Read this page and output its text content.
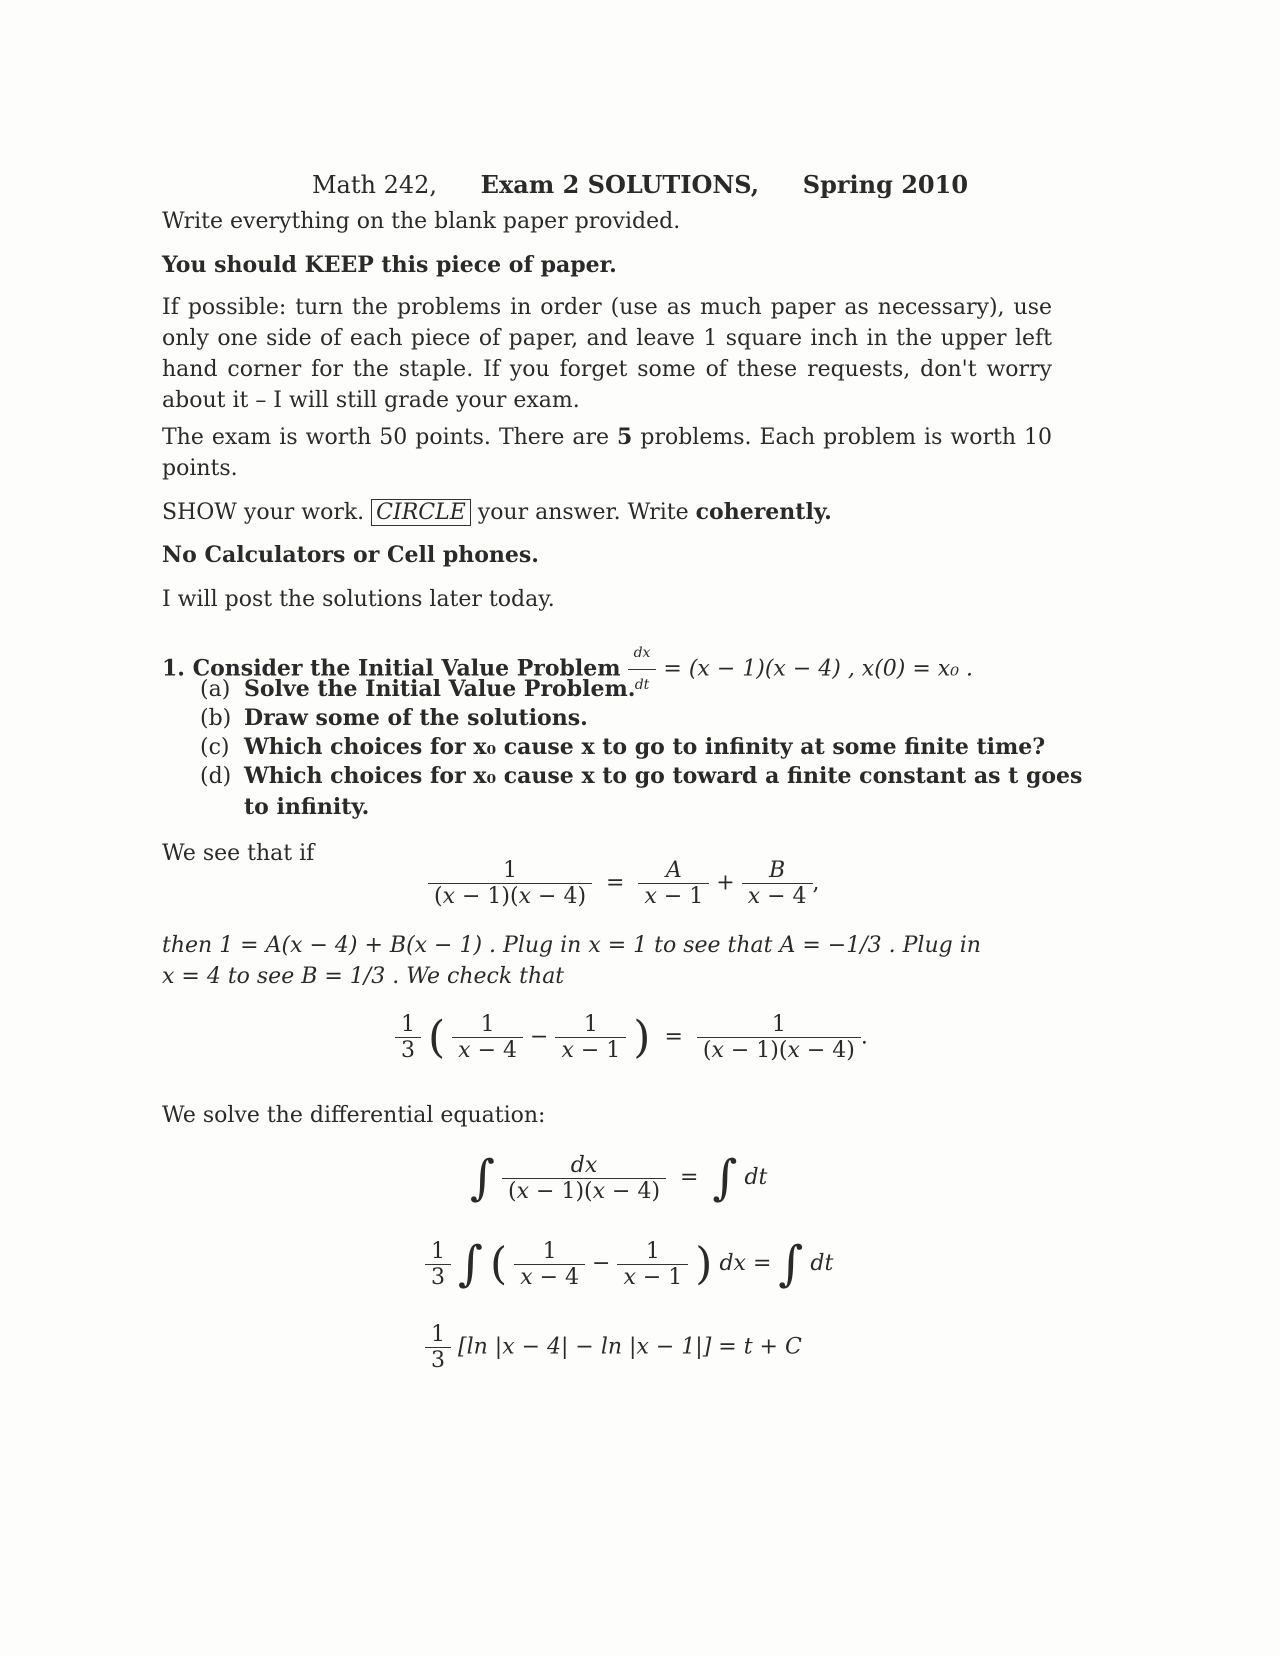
Math 242, Exam 2 SOLUTIONS, Spring 2010
Write everything on the blank paper provided.
You should KEEP this piece of paper.
If possible: turn the problems in order (use as much paper as necessary), use only one side of each piece of paper, and leave 1 square inch in the upper left hand corner for the staple. If you forget some of these requests, don't worry about it – I will still grade your exam.
The exam is worth 50 points. There are 5 problems. Each problem is worth 10 points.
SHOW your work. CIRCLE your answer. Write coherently.
No Calculators or Cell phones.
I will post the solutions later today.
1. Consider the Initial Value Problem $\frac{dx}{dt} = (x - 1)(x - 4)$ , x(0) = x₀ .
(a) Solve the Initial Value Problem.
(b) Draw some of the solutions.
(c) Which choices for x₀ cause x to go to infinity at some finite time?
(d) Which choices for x₀ cause x to go toward a finite constant as t goes to infinity.
We see that if
$\frac{1}{(x - 1)(x - 4)} = \frac{A}{x - 1} + \frac{B}{x - 4}$ ,
then 1 = A(x − 4) + B(x − 1) . Plug in x = 1 to see that A = −1/3 . Plug in
x = 4 to see B = 1/3 . We check that
$\frac{1}{3}$ ( $\frac{1}{x - 4} - \frac{1}{x - 1}$ )  = $\frac{1}{(x - 1)(x - 4)}$ .
We solve the differential equation:
∫ $\frac{dx}{(x - 1)(x - 4)}$ =  ∫ dt
$\frac{1}{3}$ ∫ ( $\frac{1}{x - 4} - \frac{1}{x - 1}$ ) dx = ∫ dt
$\frac{1}{3} [\ln$ |x − 4| − ln |x − 1|] = t + C
